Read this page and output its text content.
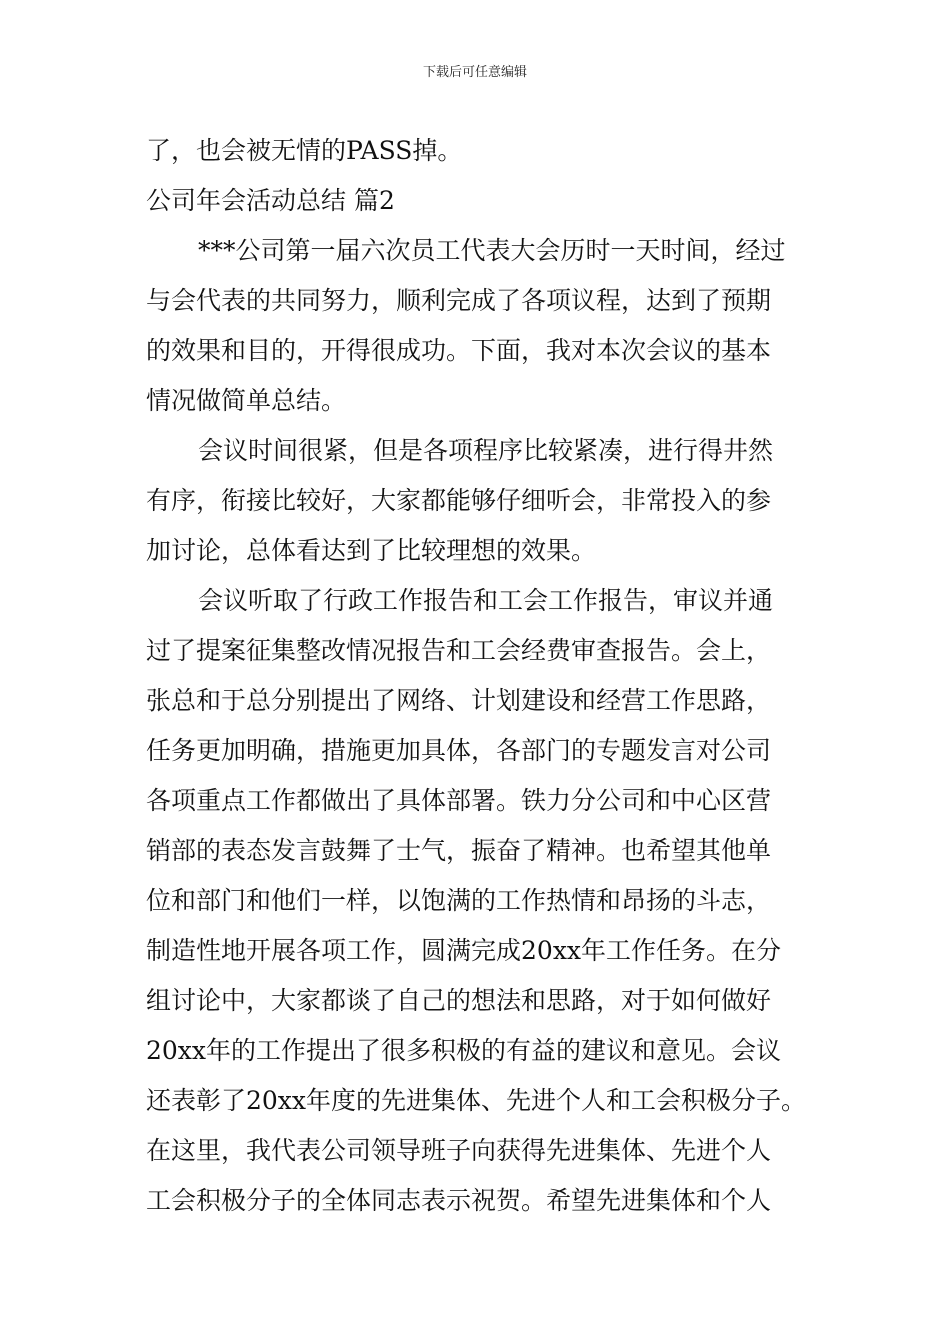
下载后可任意编辑
了，也会被无情的PASS掉。
公司年会活动总结 篇2
***公司第一届六次员工代表大会历时一天时间，经过
与会代表的共同努力，顺利完成了各项议程，达到了预期
的效果和目的，开得很成功。下面，我对本次会议的基本
情况做简单总结。
会议时间很紧，但是各项程序比较紧凑，进行得井然
有序，衔接比较好，大家都能够仔细听会，非常投入的参
加讨论，总体看达到了比较理想的效果。
会议听取了行政工作报告和工会工作报告，审议并通
过了提案征集整改情况报告和工会经费审查报告。会上，
张总和于总分别提出了网络、计划建设和经营工作思路，
任务更加明确，措施更加具体，各部门的专题发言对公司
各项重点工作都做出了具体部署。铁力分公司和中心区营
销部的表态发言鼓舞了士气，振奋了精神。也希望其他单
位和部门和他们一样，以饱满的工作热情和昂扬的斗志，
制造性地开展各项工作，圆满完成20xx年工作任务。在分
组讨论中，大家都谈了自己的想法和思路，对于如何做好
20xx年的工作提出了很多积极的有益的建议和意见。会议
还表彰了20xx年度的先进集体、先进个人和工会积极分子。
在这里，我代表公司领导班子向获得先进集体、先进个人
工会积极分子的全体同志表示祝贺。希望先进集体和个人
